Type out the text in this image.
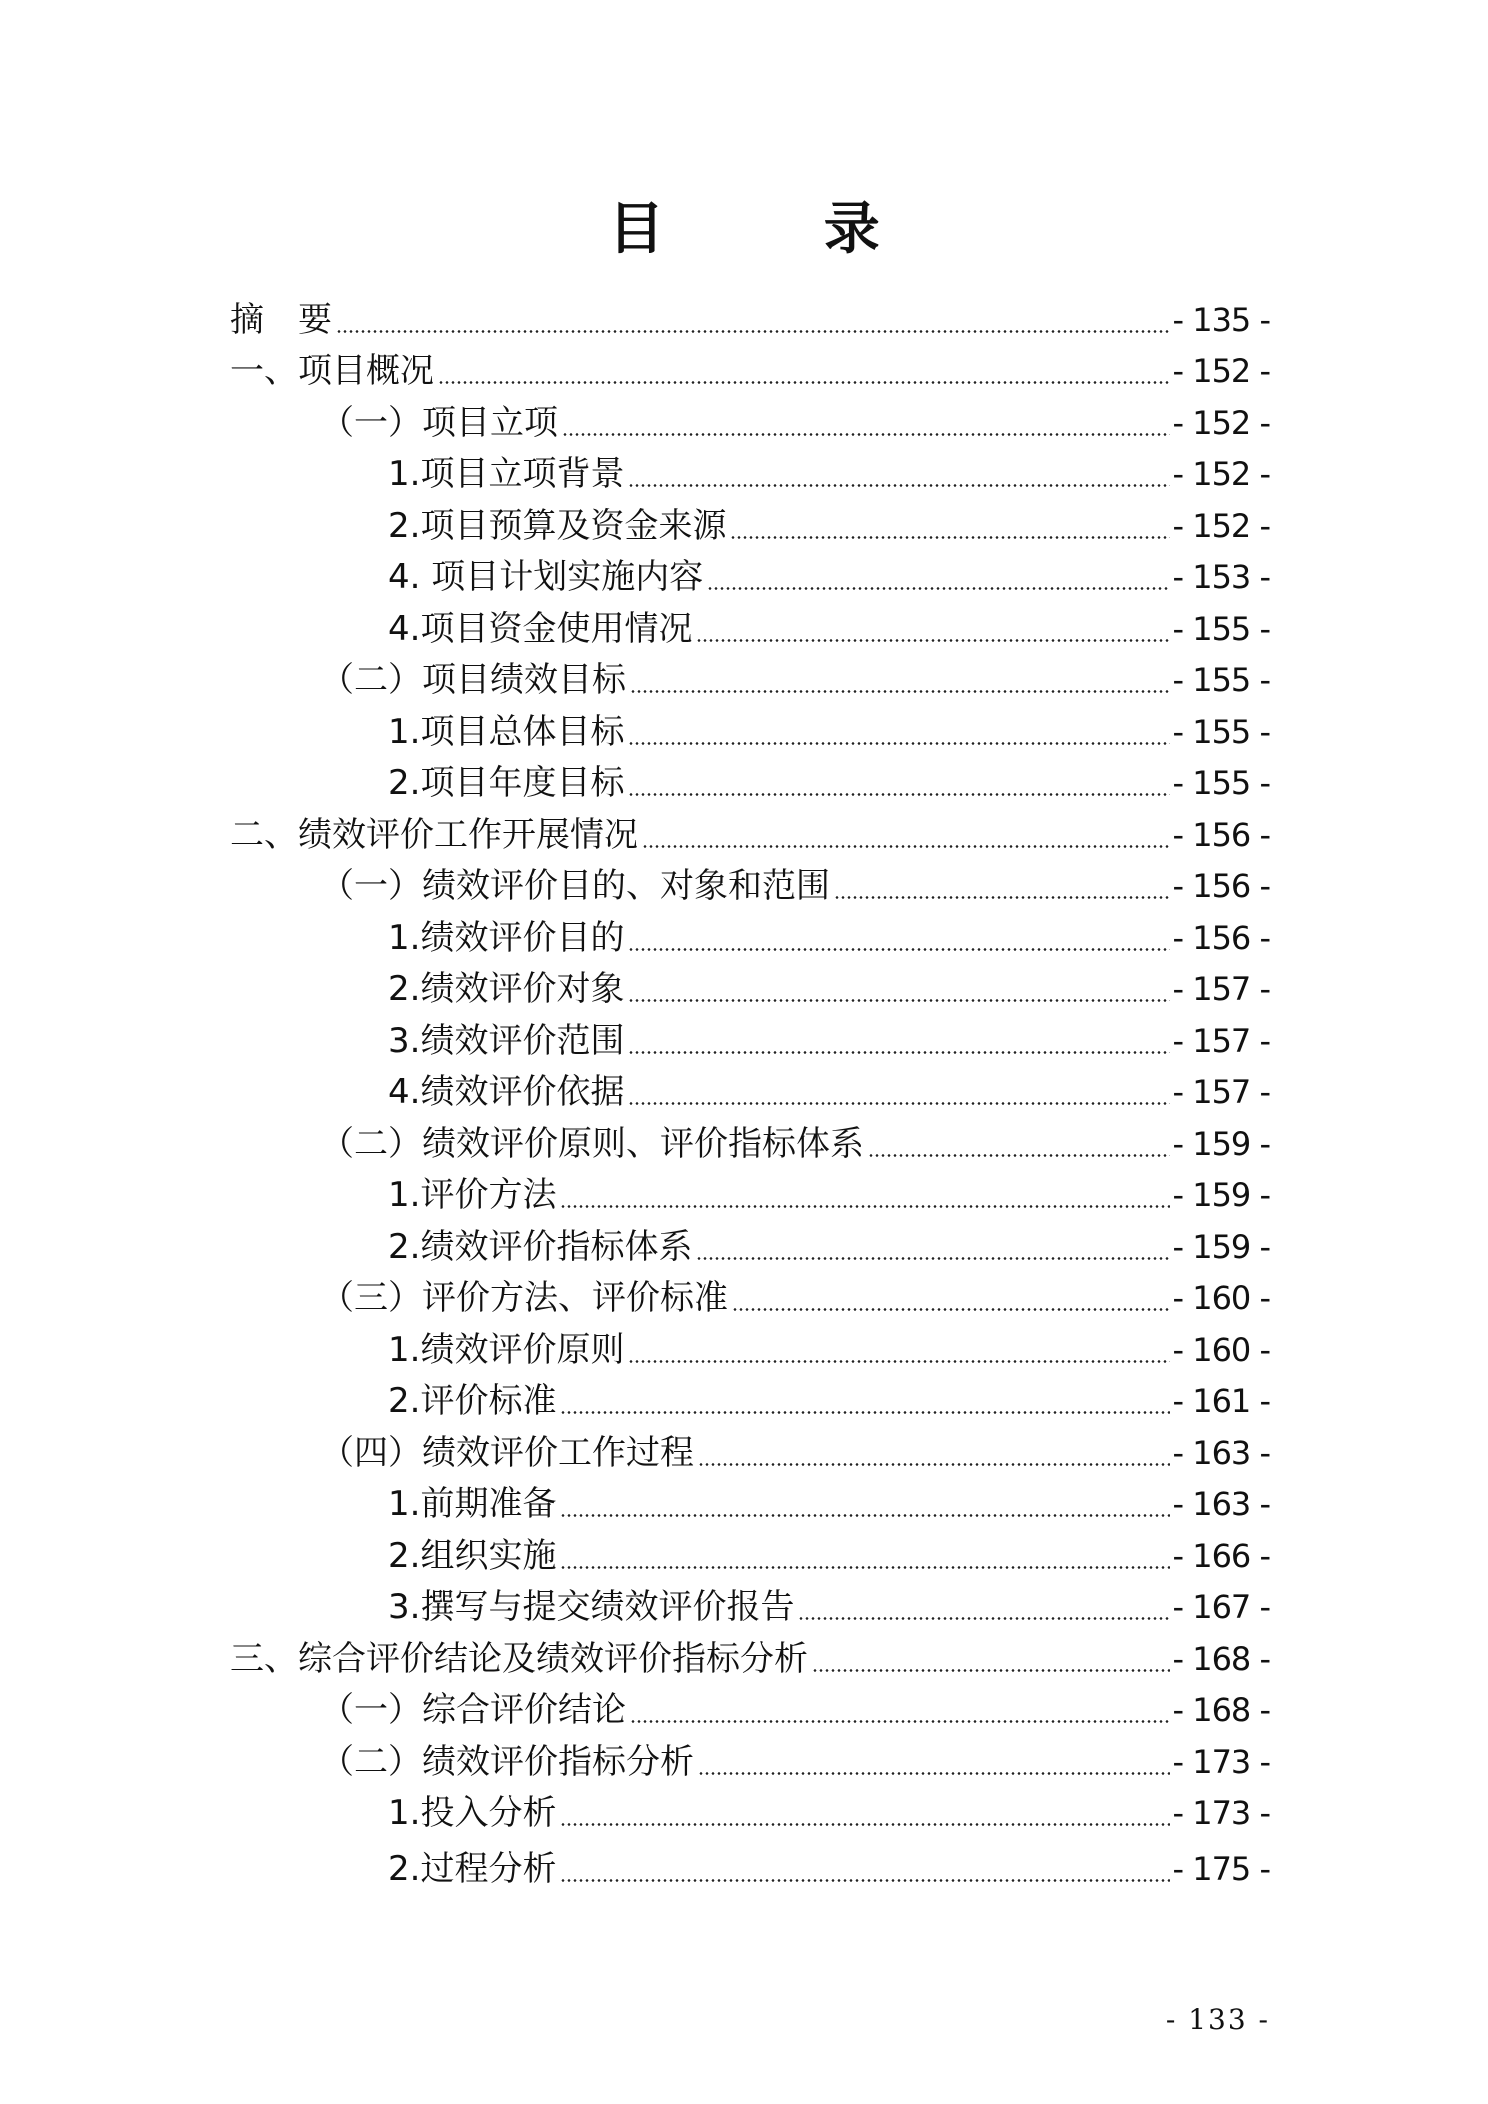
目 录
摘　要	- 135 -
一、项目概况	- 152 -
（一）项目立项	- 152 -
1.项目立项背景	- 152 -
2.项目预算及资金来源	- 152 -
4. 项目计划实施内容	- 153 -
4.项目资金使用情况	- 155 -
（二）项目绩效目标	- 155 -
1.项目总体目标	- 155 -
2.项目年度目标	- 155 -
二、绩效评价工作开展情况	- 156 -
（一）绩效评价目的、对象和范围	- 156 -
1.绩效评价目的	- 156 -
2.绩效评价对象	- 157 -
3.绩效评价范围	- 157 -
4.绩效评价依据	- 157 -
（二）绩效评价原则、评价指标体系	- 159 -
1.评价方法	- 159 -
2.绩效评价指标体系	- 159 -
（三）评价方法、评价标准	- 160 -
1.绩效评价原则	- 160 -
2.评价标准	- 161 -
（四）绩效评价工作过程	- 163 -
1.前期准备	- 163 -
2.组织实施	- 166 -
3.撰写与提交绩效评价报告	- 167 -
三、综合评价结论及绩效评价指标分析	- 168 -
（一）综合评价结论	- 168 -
（二）绩效评价指标分析	- 173 -
1.投入分析	- 173 -
2.过程分析	- 175 -
- 133 -
